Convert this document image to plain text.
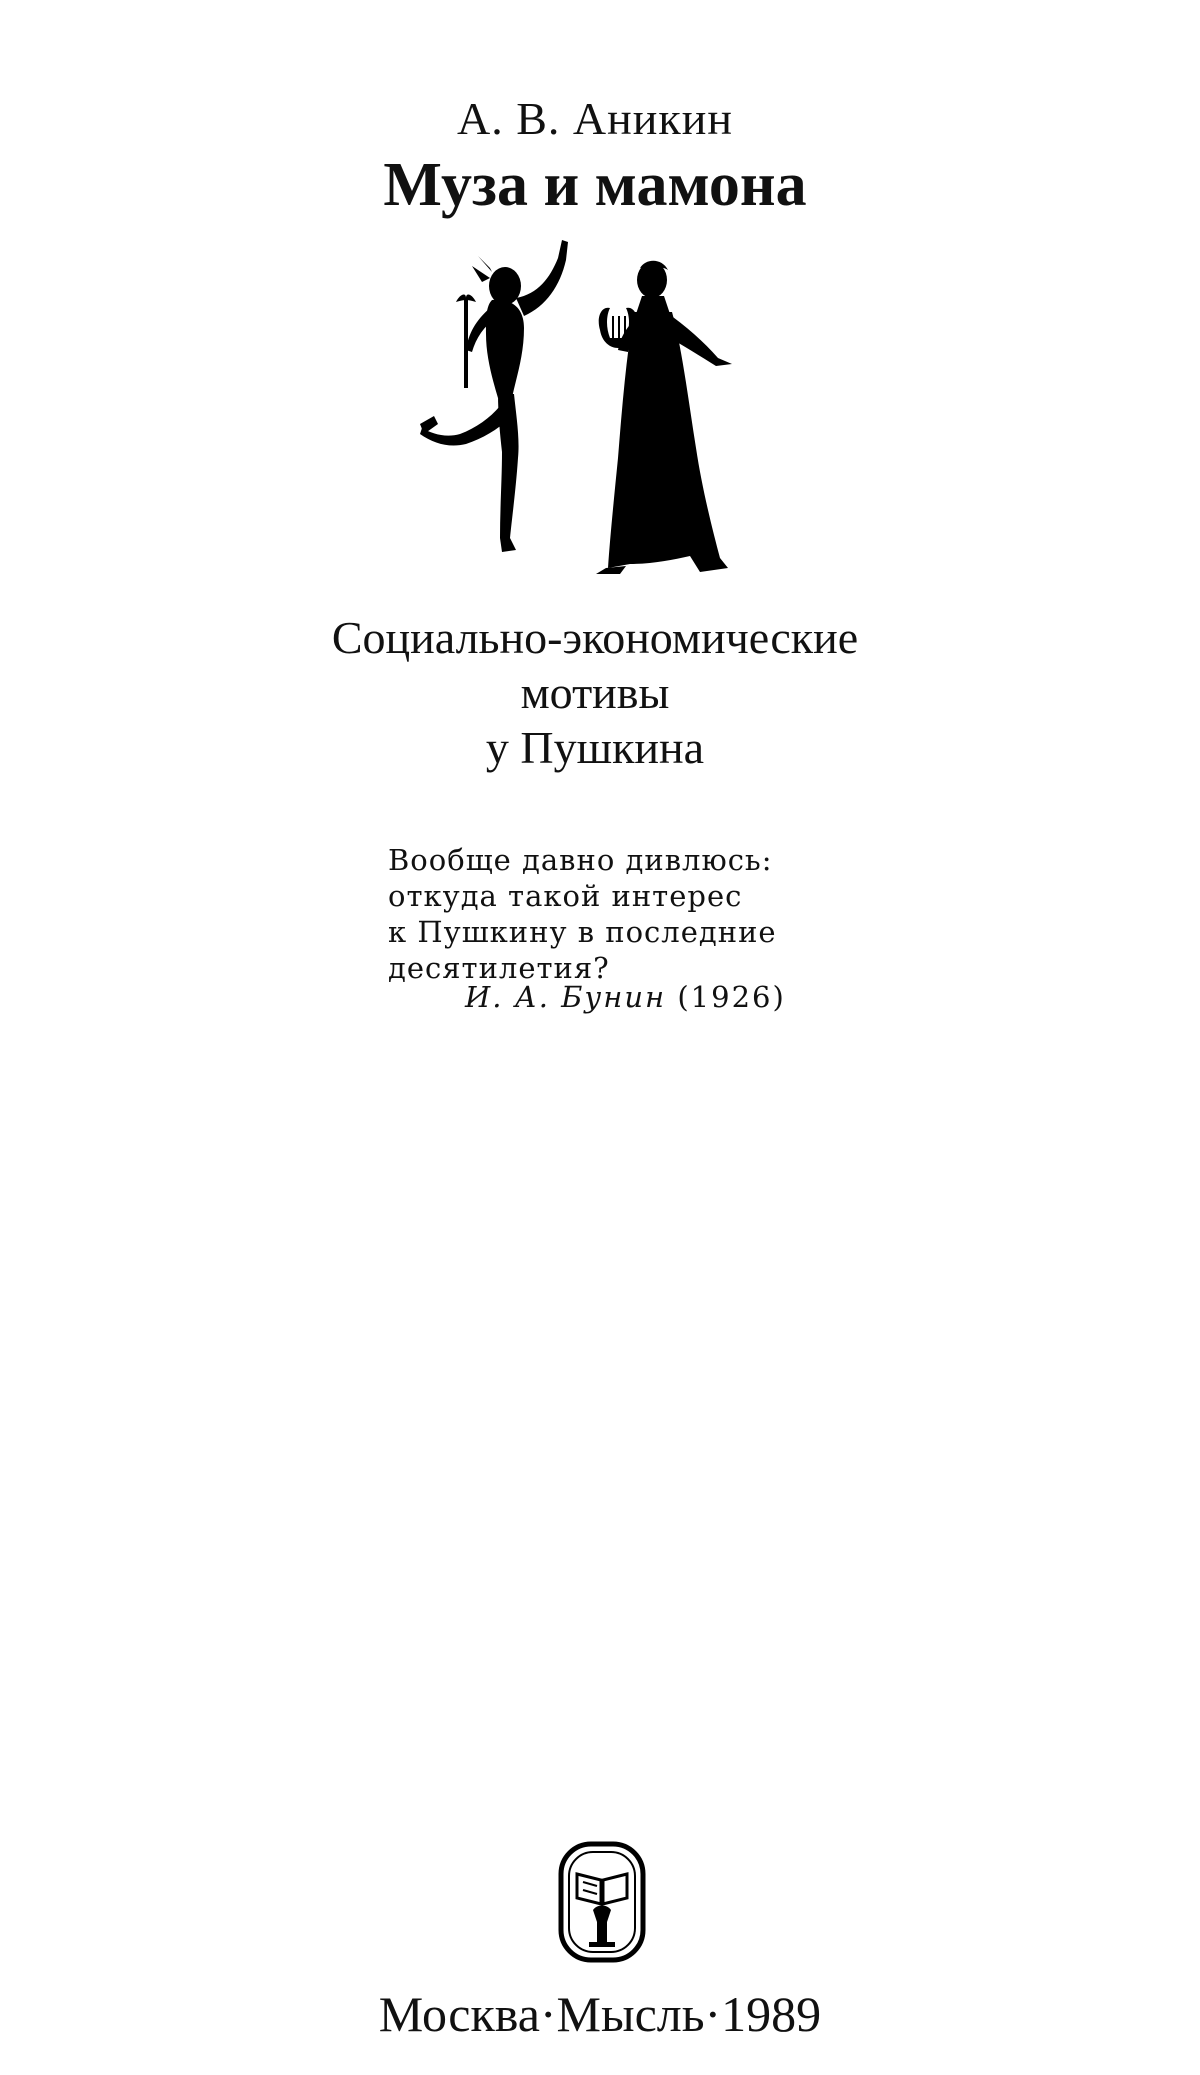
А. В. Аникин
Муза и мамона
Социально-экономические
мотивы
у Пушкина
Вообще давно дивлюсь:
откуда такой интерес
к Пушкину в последние
десятилетия?
И. А. Бунин (1926)
Москва·Мысль·1989
